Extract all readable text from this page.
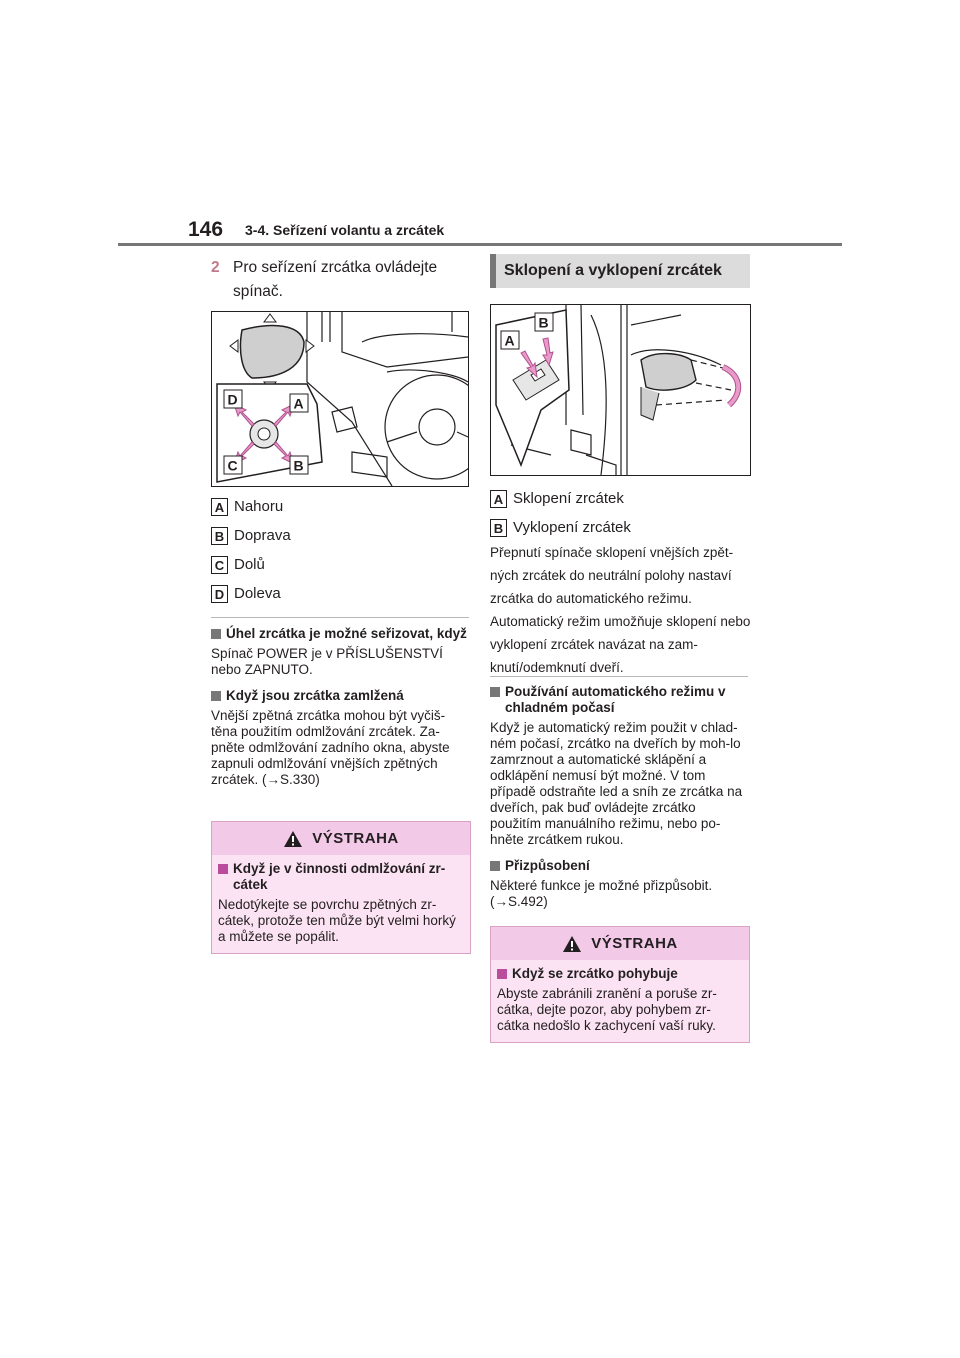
146 3-4. Seřízení volantu a zrcátek
2 Pro seřízení zrcátka ovládejte spínač.
D	A
C	B
A Nahoru
B Doprava
C Dolů
D Doleva
Úhel zrcátka je možné seřizovat, když
Spínač POWER je v PŘÍSLUŠENSTVÍ nebo ZAPNUTO.
Když jsou zrcátka zamlžená
Vnější zpětná zrcátka mohou být vyčiš-těna použitím odmlžování zrcátek. Za-pněte odmlžování zadního okna, abyste zapnuli odmlžování vnějších zpětných zrcátek. (→S.330)
VÝSTRAHA
Když je v činnosti odmlžování zr-cátek
Nedotýkejte se povrchu zpětných zr-cátek, protože ten může být velmi horký a můžete se popálit.
Sklopení a vyklopení zrcátek
B
A
A Sklopení zrcátek
B Vyklopení zrcátek
Přepnutí spínače sklopení vnějších zpět-ných zrcátek do neutrální polohy nastaví zrcátka do automatického režimu. Automatický režim umožňuje sklopení nebo vyklopení zrcátek navázat na zam-knutí/odemknutí dveří.
Používání automatického režimu v chladném počasí
Když je automatický režim použit v chlad-ném počasí, zrcátko na dveřích by moh-lo zamrznout a automatické sklápění a odklápění nemusí být možné. V tom případě odstraňte led a sníh ze zrcátka na dveřích, pak buď ovládejte zrcátko použitím manuálního režimu, nebo po-hněte zrcátkem rukou.
Přizpůsobení
Některé funkce je možné přizpůsobit. (→S.492)
VÝSTRAHA
Když se zrcátko pohybuje
Abyste zabránili zranění a poruše zr-cátka, dejte pozor, aby pohybem zr-cátka nedošlo k zachycení vaší ruky.
